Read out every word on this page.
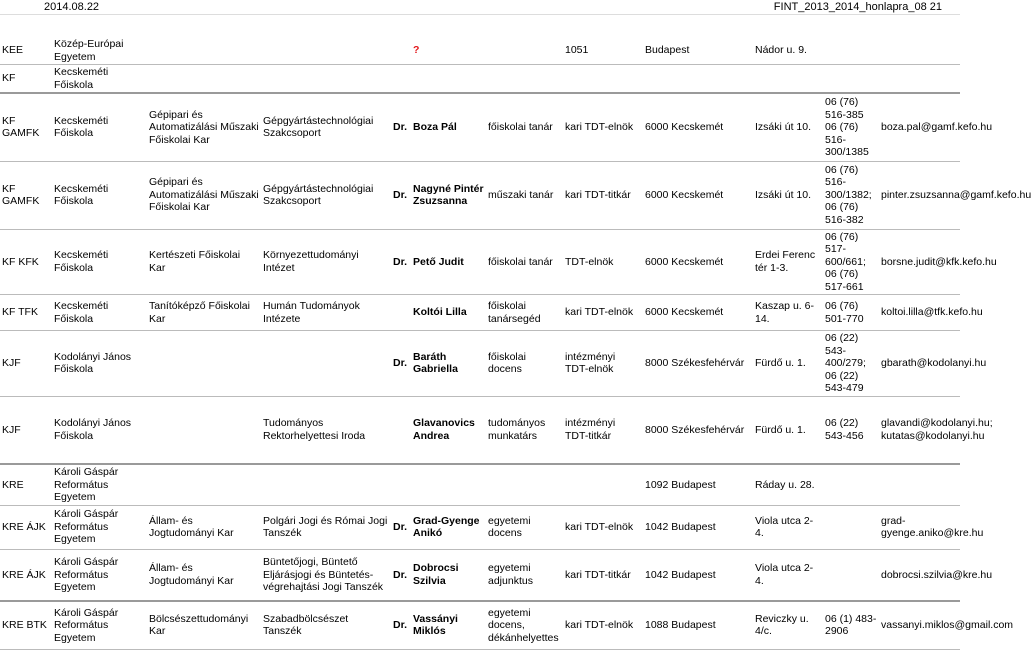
2014.08.22	FINT_2013_2014_honlapra_08 21
KEE	Közép-Európai Egyetem				?		1051	Budapest	Nádor u. 9.		
KF	Kecskeméti Főiskola										
KF GAMFK	Kecskeméti Főiskola	Gépipari és Automatizálási Műszaki Főiskolai Kar	Gépgyártástechnológiai Szakcsoport	Dr.	Boza Pál	főiskolai tanár	kari TDT-elnök	6000 Kecskemét	Izsáki út 10.	06 (76) 516-385 06 (76) 516-300/1385	boza.pal@gamf.kefo.hu
KF GAMFK	Kecskeméti Főiskola	Gépipari és Automatizálási Műszaki Főiskolai Kar	Gépgyártástechnológiai Szakcsoport	Dr.	Nagyné Pintér Zsuzsanna	műszaki tanár	kari TDT-titkár	6000 Kecskemét	Izsáki út 10.	06 (76) 516-300/1382; 06 (76) 516-382	pinter.zsuzsanna@gamf.kefo.hu
KF KFK	Kecskeméti Főiskola	Kertészeti Főiskolai Kar	Környezettudományi Intézet	Dr.	Pető Judit	főiskolai tanár	TDT-elnök	6000 Kecskemét	Erdei Ferenc tér 1-3.	06 (76) 517-600/661; 06 (76) 517-661	borsne.judit@kfk.kefo.hu
KF TFK	Kecskeméti Főiskola	Tanítóképző Főiskolai Kar	Humán Tudományok Intézete		Koltói Lilla	főiskolai tanársegéd	kari TDT-elnök	6000 Kecskemét	Kaszap u. 6-14.	06 (76) 501-770	koltoi.lilla@tfk.kefo.hu
KJF	Kodolányi János Főiskola			Dr.	Baráth Gabriella	főiskolai docens	intézményi TDT-elnök	8000 Székesfehérvár	Fürdő u. 1.	06 (22) 543-400/279; 06 (22) 543-479	gbarath@kodolanyi.hu
KJF	Kodolányi János Főiskola		Tudományos Rektorhelyettesi Iroda		Glavanovics Andrea	tudományos munkatárs	intézményi TDT-titkár	8000 Székesfehérvár	Fürdő u. 1.	06 (22) 543-456	glavandi@kodolanyi.hu; kutatas@kodolanyi.hu
KRE	Károli Gáspár Református Egyetem							1092 Budapest	Ráday u. 28.		
KRE ÁJK	Károli Gáspár Református Egyetem	Állam- és Jogtudományi Kar	Polgári Jogi és Római Jogi Tanszék	Dr.	Grad-Gyenge Anikó	egyetemi docens	kari TDT-elnök	1042 Budapest	Viola utca 2-4.		grad-gyenge.aniko@kre.hu
KRE ÁJK	Károli Gáspár Református Egyetem	Állam- és Jogtudományi Kar	Büntetőjogi, Büntető Eljárásjogi és Büntetés-végrehajtási Jogi Tanszék	Dr.	Dobrocsi Szilvia	egyetemi adjunktus	kari TDT-titkár	1042 Budapest	Viola utca 2-4.		dobrocsi.szilvia@kre.hu
KRE BTK	Károli Gáspár Református Egyetem	Bölcsészettudományi Kar	Szabadbölcsészet Tanszék	Dr.	Vassányi Miklós	egyetemi docens, dékánhelyettes	kari TDT-elnök	1088 Budapest	Reviczky u. 4/c.	06 (1) 483-2906	vassanyi.miklos@gmail.com
